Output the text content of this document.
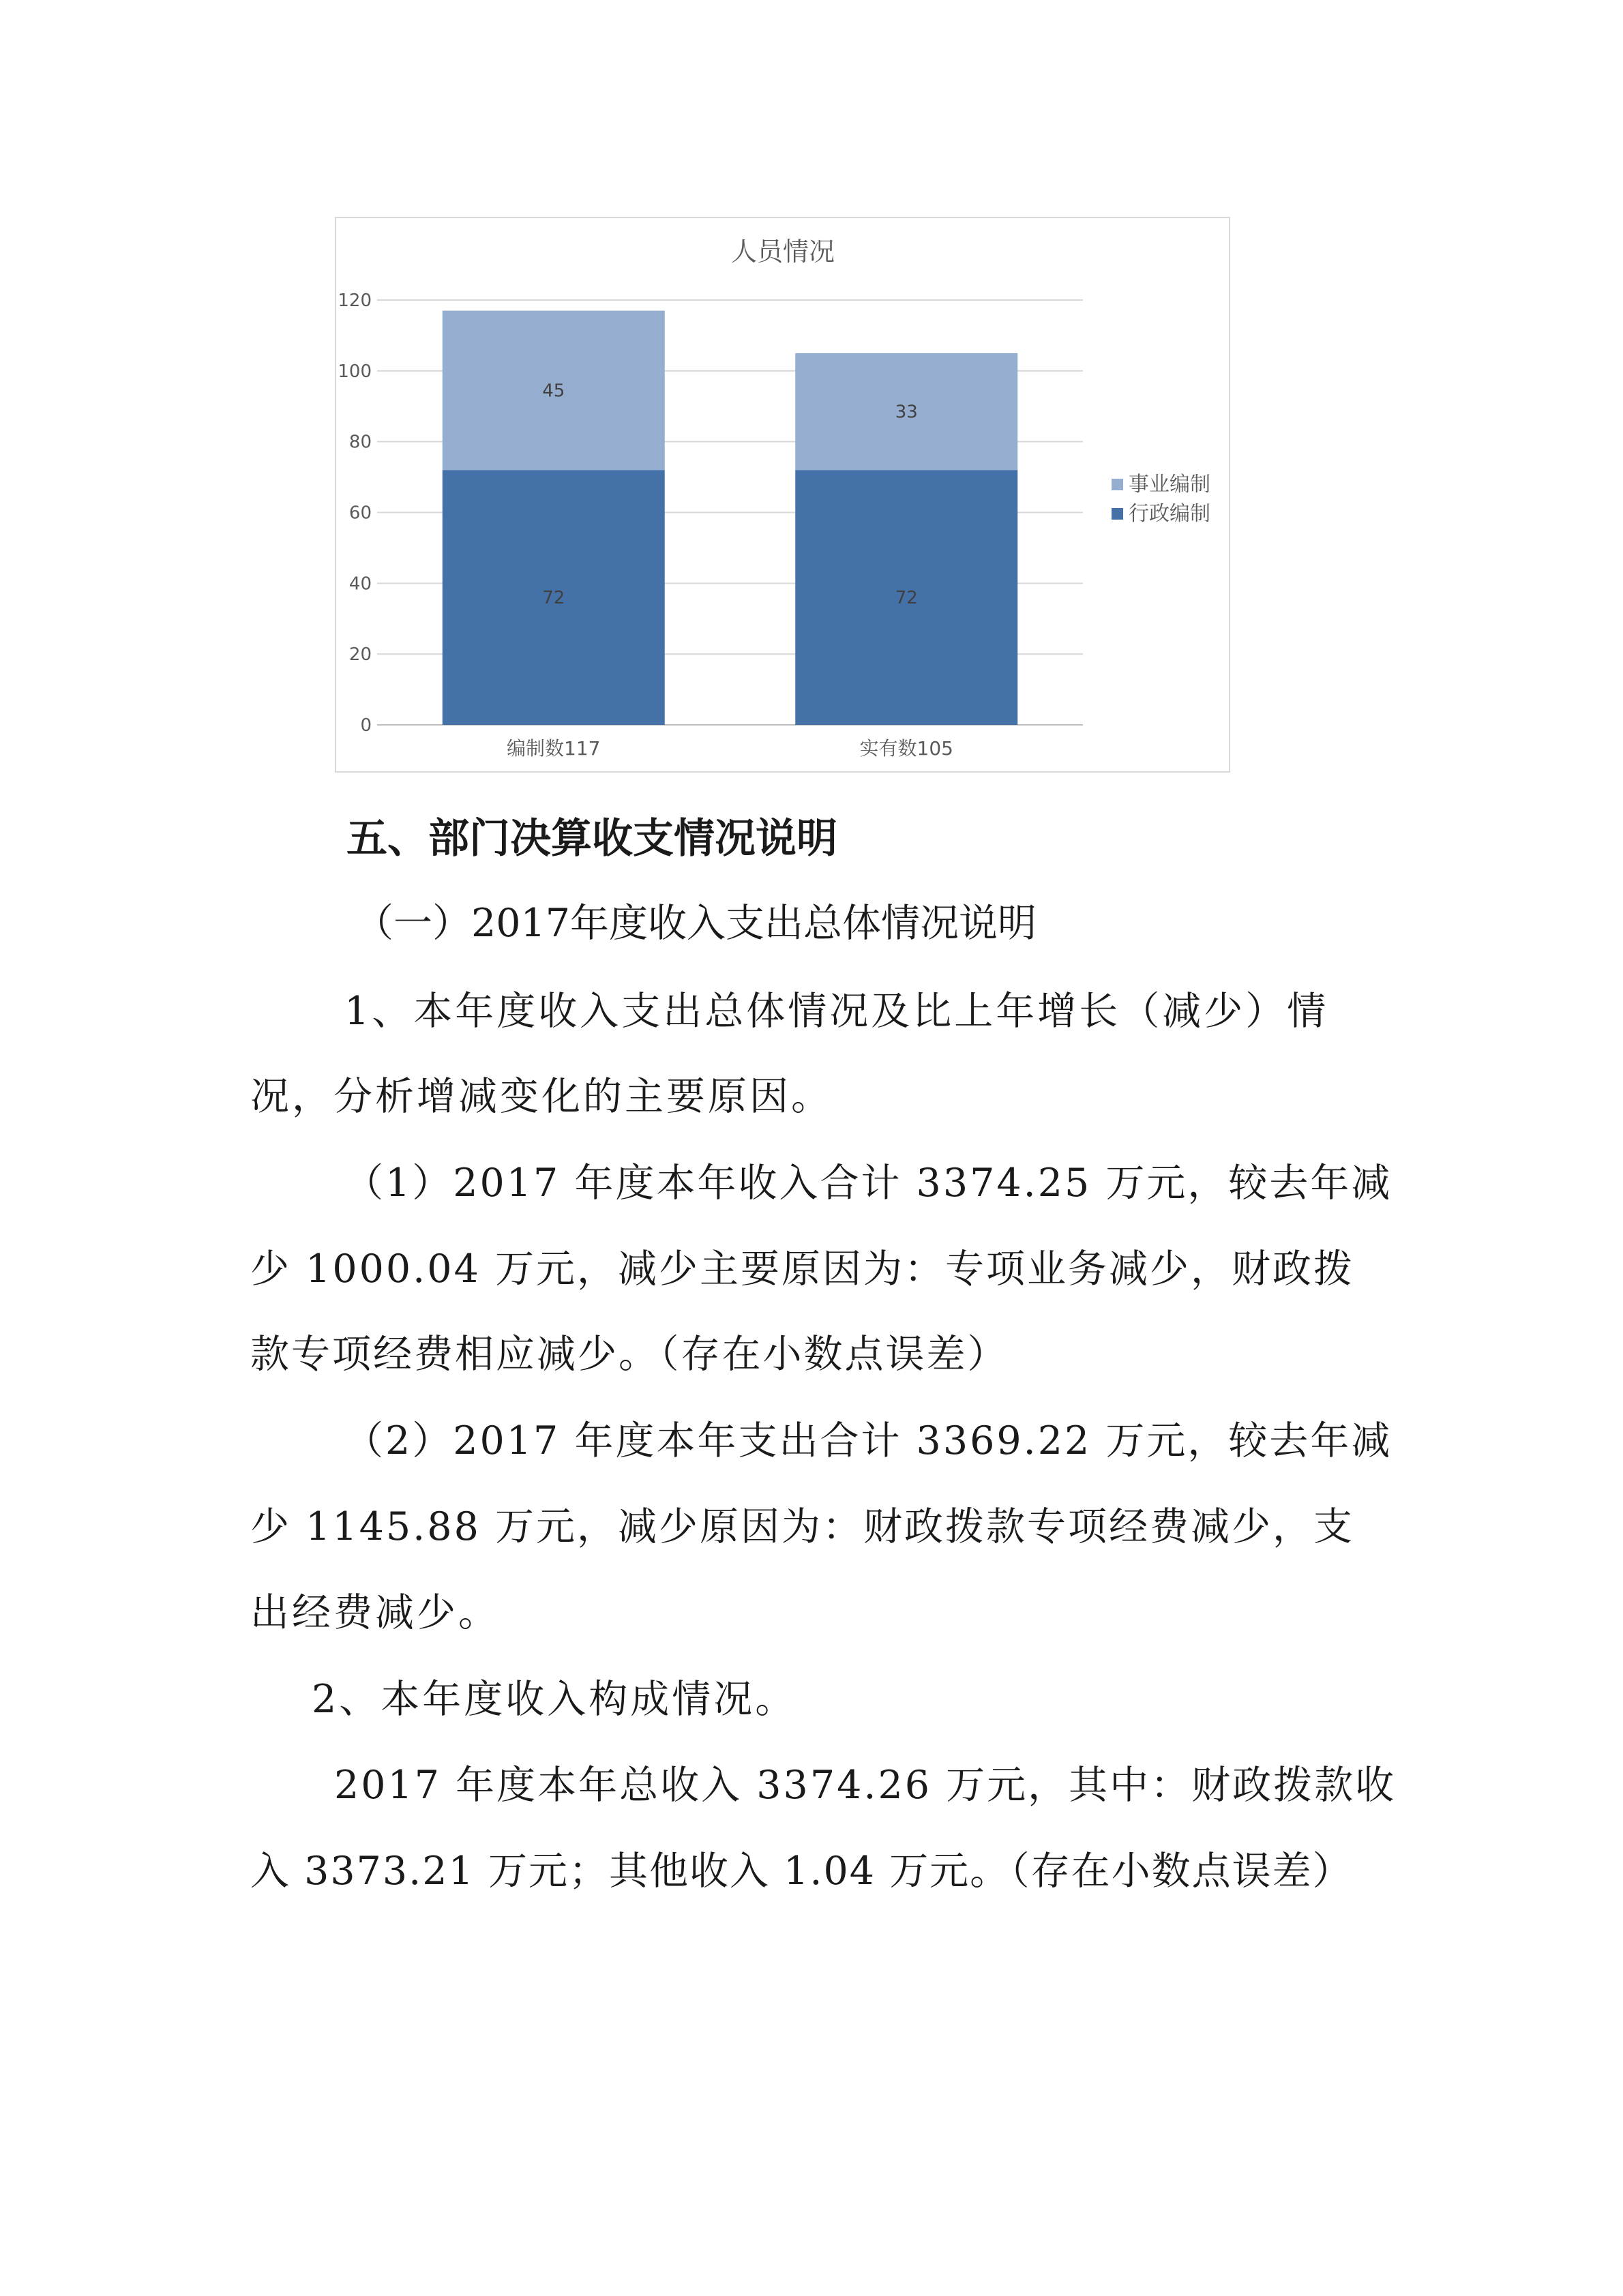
人员情况
0
20
40
60
80
100
120
72
45
编制数117
72
33
实有数105
事业编制
行政编制
五、部门决算收支情况说明
（一）2017年度收入支出总体情况说明
1、本年度收入支出总体情况及比上年增长（减少）情
况，分析增减变化的主要原因。
（1）2017 年度本年收入合计 3374.25 万元，较去年减
少 1000.04 万元，减少主要原因为：专项业务减少，财政拨
款专项经费相应减少。（存在小数点误差）
（2）2017 年度本年支出合计 3369.22 万元，较去年减
少 1145.88 万元，减少原因为：财政拨款专项经费减少，支
出经费减少。
2、本年度收入构成情况。
2017 年度本年总收入 3374.26 万元，其中：财政拨款收
入 3373.21 万元；其他收入 1.04 万元。（存在小数点误差）
